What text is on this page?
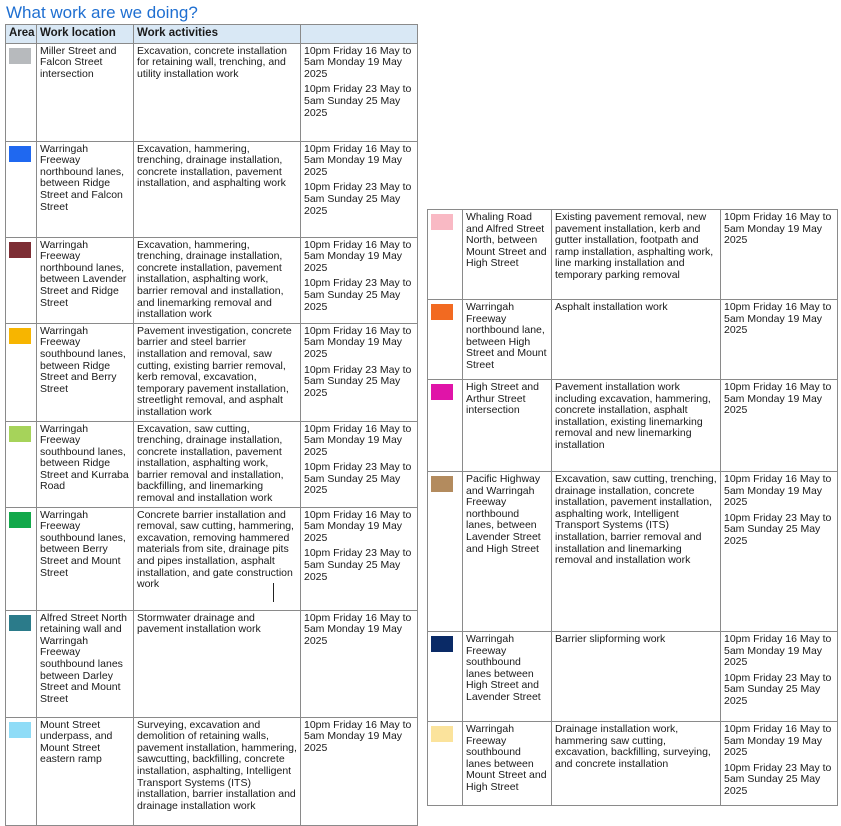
What work are we doing?
Area	Work location	Work activities	

	Miller Street and Falcon Street intersection	Excavation, concrete installation for retaining wall, trenching, and utility installation work	10pm Friday 16 May to 5am Monday 19 May 2025
10pm Friday 23 May to 5am Sunday 25 May 2025

	Warringah Freeway northbound lanes, between Ridge Street and Falcon Street	Excavation, hammering, trenching, drainage installation, concrete installation, pavement installation, and asphalting work	10pm Friday 16 May to 5am Monday 19 May 2025
10pm Friday 23 May to 5am Sunday 25 May 2025

	Warringah Freeway northbound lanes, between Lavender Street and Ridge Street	Excavation, hammering, trenching, drainage installation, concrete installation, pavement installation, asphalting work, barrier removal and installation, and linemarking removal and installation work	10pm Friday 16 May to 5am Monday 19 May 2025
10pm Friday 23 May to 5am Sunday 25 May 2025

	Warringah Freeway southbound lanes, between Ridge Street and Berry Street	Pavement investigation, concrete barrier and steel barrier installation and removal, saw cutting, existing barrier removal, kerb removal, excavation, temporary pavement installation, streetlight removal, and asphalt installation work	10pm Friday 16 May to 5am Monday 19 May 2025
10pm Friday 23 May to 5am Sunday 25 May 2025

	Warringah Freeway southbound lanes, between Ridge Street and Kurraba Road	Excavation, saw cutting, trenching, drainage installation, concrete installation, pavement installation, asphalting work, barrier removal and installation, backfilling, and linemarking removal and installation work	10pm Friday 16 May to 5am Monday 19 May 2025
10pm Friday 23 May to 5am Sunday 25 May 2025

	Warringah Freeway southbound lanes, between Berry Street and Mount Street	Concrete barrier installation and removal, saw cutting, hammering, excavation, removing hammered materials from site, drainage pits and pipes installation, asphalt installation, and gate construction work	10pm Friday 16 May to 5am Monday 19 May 2025
10pm Friday 23 May to 5am Sunday 25 May 2025

	Alfred Street North retaining wall and Warringah Freeway southbound lanes between Darley Street and Mount Street	Stormwater drainage and pavement installation work	10pm Friday 16 May to 5am Monday 19 May 2025

	Mount Street underpass, and Mount Street eastern ramp	Surveying, excavation and demolition of retaining walls, pavement installation, hammering, sawcutting, backfilling, concrete installation, asphalting, Intelligent Transport Systems (ITS) installation, barrier installation and drainage installation work	10pm Friday 16 May to 5am Monday 19 May 2025
	Whaling Road and Alfred Street North, between Mount Street and High Street	Existing pavement removal, new pavement installation, kerb and gutter installation, footpath and ramp installation, asphalting work, line marking installation and temporary parking removal	10pm Friday 16 May to 5am Monday 19 May 2025

	Warringah Freeway northbound lane, between High Street and Mount Street	Asphalt installation work	10pm Friday 16 May to 5am Monday 19 May 2025

	High Street and Arthur Street intersection	Pavement installation work including excavation, hammering, concrete installation, asphalt installation, existing linemarking removal and new linemarking installation	10pm Friday 16 May to 5am Monday 19 May 2025

	Pacific Highway and Warringah Freeway northbound lanes, between Lavender Street and High Street	Excavation, saw cutting, trenching, drainage installation, concrete installation, pavement installation, asphalting work, Intelligent Transport Systems (ITS) installation, barrier removal and installation and linemarking removal and installation work	10pm Friday 16 May to 5am Monday 19 May 2025
10pm Friday 23 May to 5am Sunday 25 May 2025

	Warringah Freeway southbound lanes between High Street and Lavender Street	Barrier slipforming work	10pm Friday 16 May to 5am Monday 19 May 2025
10pm Friday 23 May to 5am Sunday 25 May 2025

	Warringah Freeway southbound lanes between Mount Street and High Street	Drainage installation work, hammering saw cutting, excavation, backfilling, surveying, and concrete installation	10pm Friday 16 May to 5am Monday 19 May 2025
10pm Friday 23 May to 5am Sunday 25 May 2025
